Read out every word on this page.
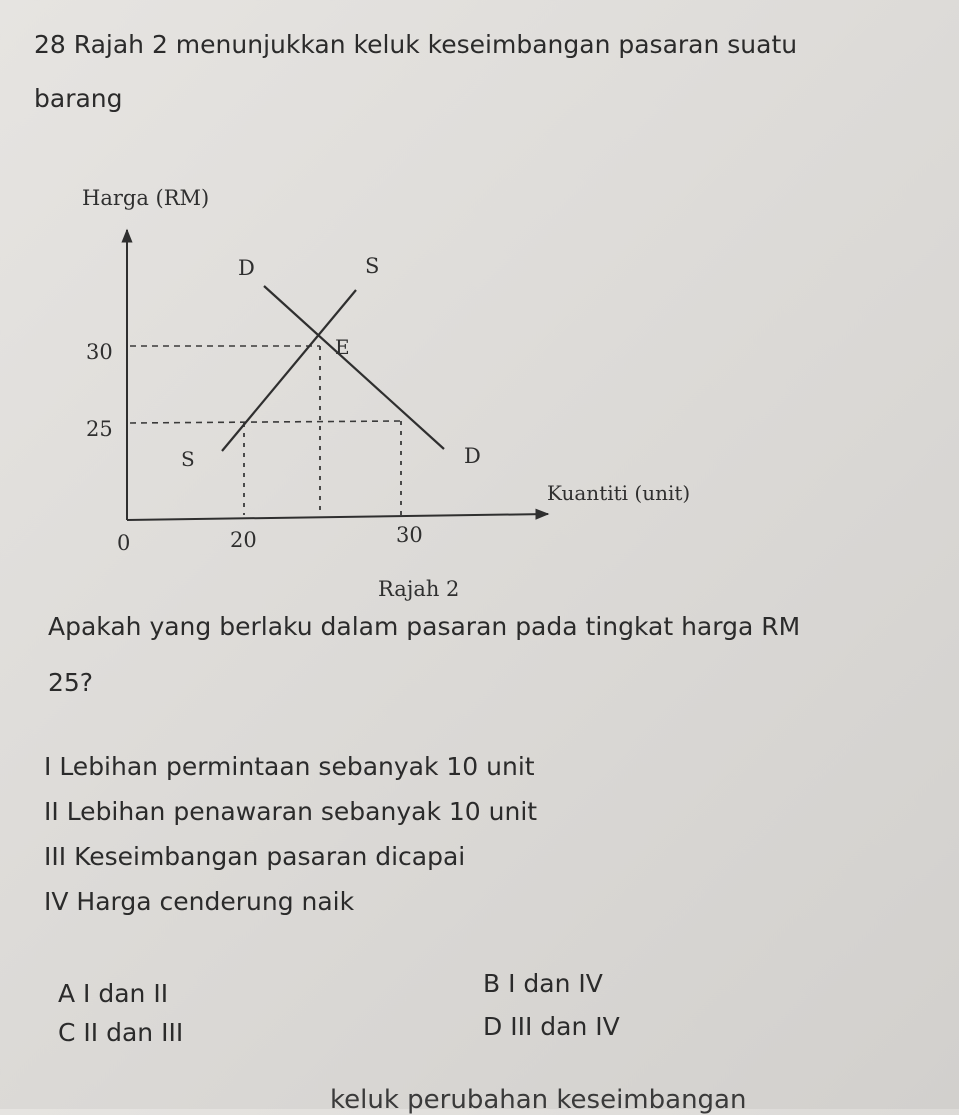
28 Rajah 2 menunjukkan keluk keseimbangan pasaran suatu
barang
Harga (RM)
Kuantiti (unit)
30
25
0	20	30
D	S
E
S	D
Rajah 2
Apakah yang berlaku dalam pasaran pada tingkat harga RM
25?
I Lebihan permintaan sebanyak 10 unit
II Lebihan penawaran sebanyak 10 unit
III Keseimbangan pasaran dicapai
IV Harga cenderung naik
A I dan II	B I dan IV
C II dan III	D III dan IV
keluk perubahan keseimbangan
